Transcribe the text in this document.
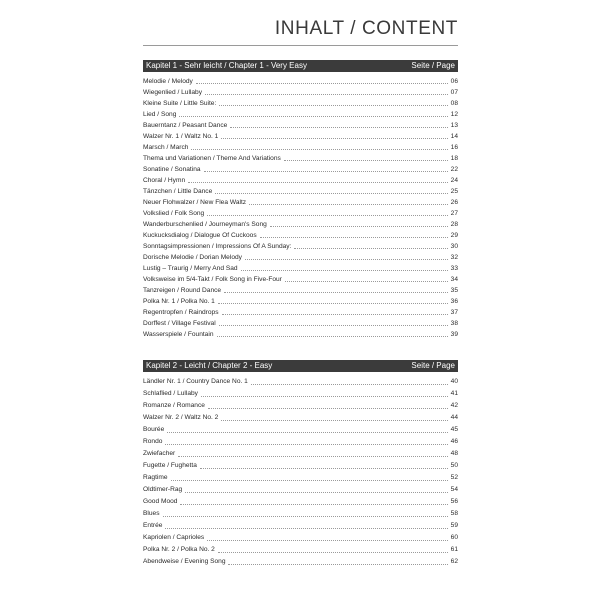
INHALT / CONTENT
Kapitel 1 - Sehr leicht / Chapter 1 - Very Easy	Seite / Page
Melodie / Melody	06
Wiegenlied / Lullaby	07
Kleine Suite / Little Suite:	08
Lied / Song	12
Bauerntanz / Peasant Dance	13
Walzer Nr. 1 / Waltz No. 1	14
Marsch / March	16
Thema und Variationen / Theme And Variations	18
Sonatine / Sonatina	22
Choral / Hymn	24
Tänzchen / Little Dance	25
Neuer Flohwalzer / New Flea Waltz	26
Volkslied / Folk Song	27
Wanderburschenlied / Journeyman's Song	28
Kuckucksdialog / Dialogue Of Cuckoos	29
Sonntagsimpressionen / Impressions Of A Sunday:	30
Dorische Melodie / Dorian Melody	32
Lustig – Traurig / Merry And Sad	33
Volksweise im 5/4-Takt / Folk Song in Five-Four	34
Tanzreigen / Round Dance	35
Polka Nr. 1 / Polka No. 1	36
Regentropfen / Raindrops	37
Dorffest / Village Festival	38
Wasserspiele / Fountain	39
Kapitel 2 - Leicht / Chapter 2 - Easy	Seite / Page
Ländler Nr. 1 / Country Dance No. 1	40
Schlaflied / Lullaby	41
Romanze / Romance	42
Walzer Nr. 2 / Waltz No. 2	44
Bourée	45
Rondo	46
Zwiefacher	48
Fugette / Fughetta	50
Ragtime	52
Oldtimer-Rag	54
Good Mood	56
Blues	58
Entrée	59
Kapriolen / Caprioles	60
Polka Nr. 2 / Polka No. 2	61
Abendweise / Evening Song	62
